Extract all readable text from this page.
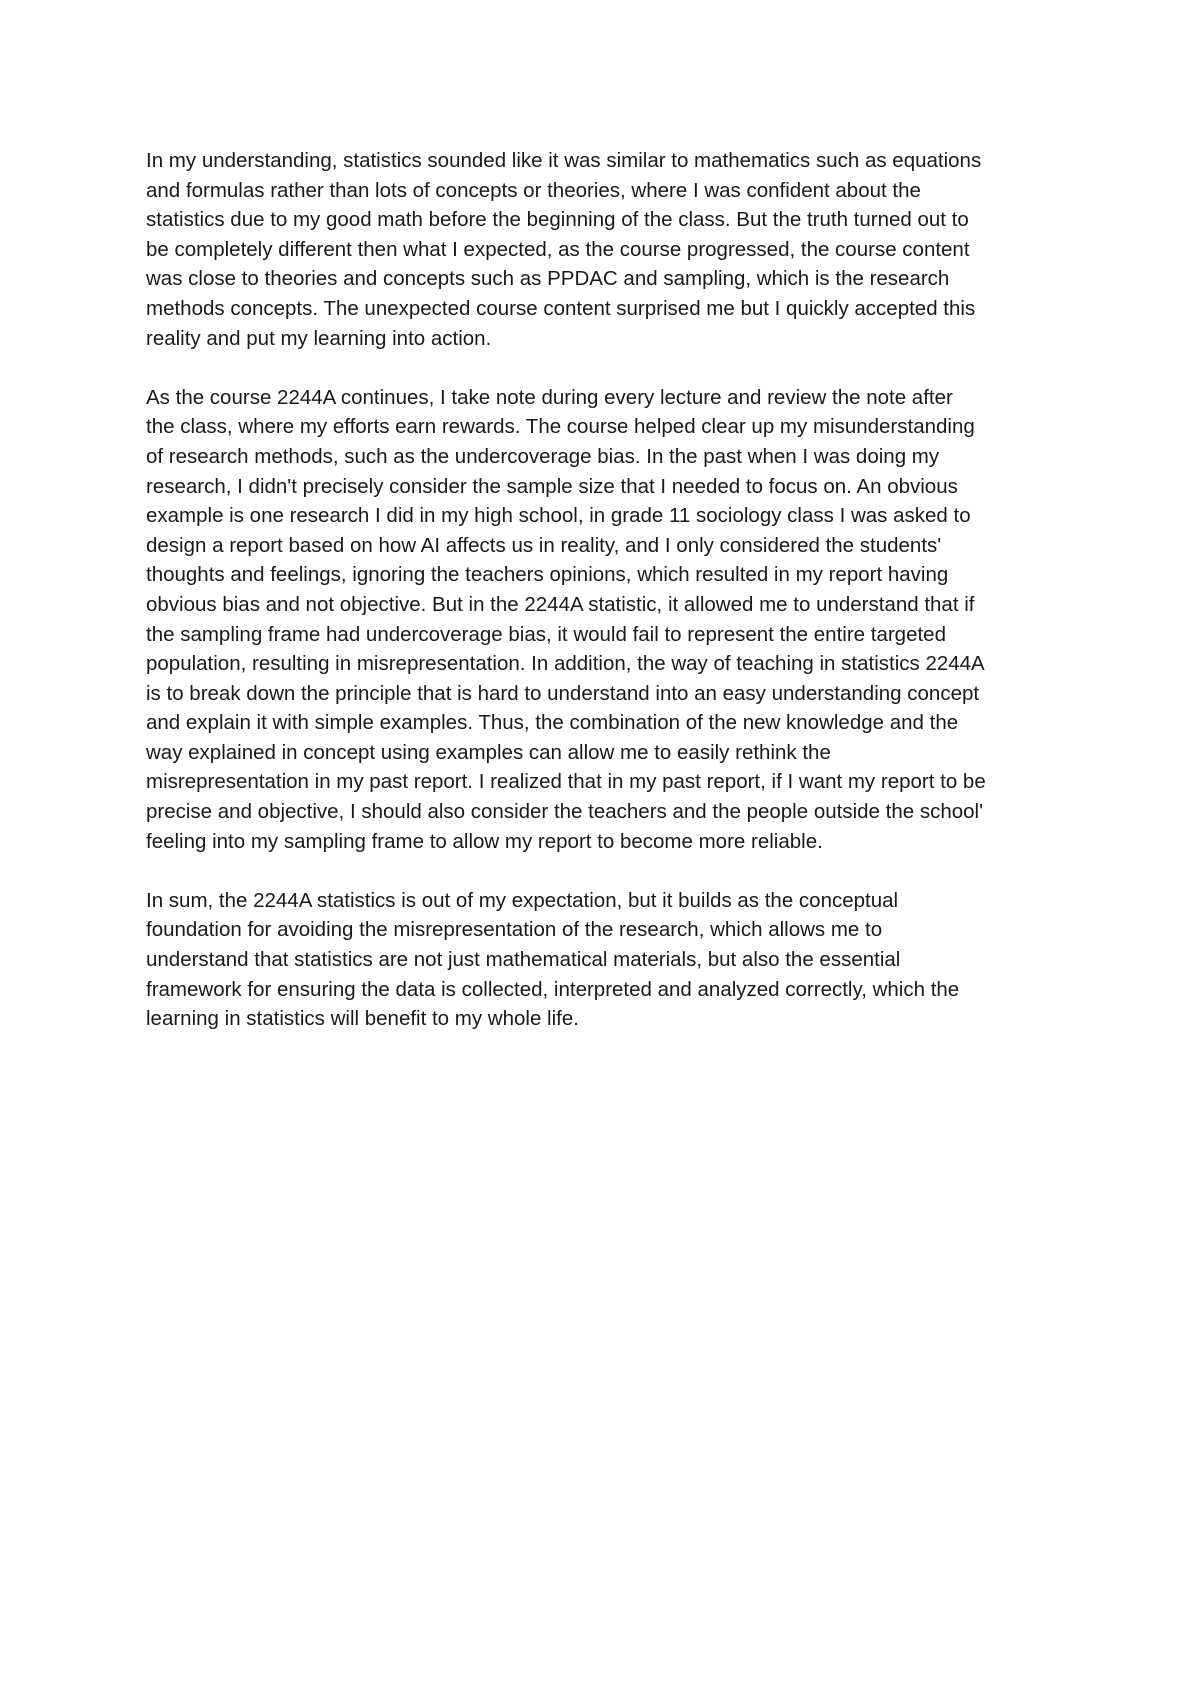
In my understanding, statistics sounded like it was similar to mathematics such as equations
and formulas rather than lots of concepts or theories, where I was confident about the
statistics due to my good math before the beginning of the class. But the truth turned out to
be completely different then what I expected, as the course progressed, the course content
was close to theories and concepts such as PPDAC and sampling, which is the research
methods concepts. The unexpected course content surprised me but I quickly accepted this
reality and put my learning into action.
As the course 2244A continues, I take note during every lecture and review the note after
the class, where my efforts earn rewards. The course helped clear up my misunderstanding
of research methods, such as the undercoverage bias. In the past when I was doing my
research, I didn't precisely consider the sample size that I needed to focus on. An obvious
example is one research I did in my high school, in grade 11 sociology class I was asked to
design a report based on how AI affects us in reality, and I only considered the students'
thoughts and feelings, ignoring the teachers opinions, which resulted in my report having
obvious bias and not objective. But in the 2244A statistic, it allowed me to understand that if
the sampling frame had undercoverage bias, it would fail to represent the entire targeted
population, resulting in misrepresentation. In addition, the way of teaching in statistics 2244A
is to break down the principle that is hard to understand into an easy understanding concept
and explain it with simple examples. Thus, the combination of the new knowledge and the
way explained in concept using examples can allow me to easily rethink the
misrepresentation in my past report. I realized that in my past report, if I want my report to be
precise and objective, I should also consider the teachers and the people outside the school'
feeling into my sampling frame to allow my report to become more reliable.
In sum, the 2244A statistics is out of my expectation, but it builds as the conceptual
foundation for avoiding the misrepresentation of the research, which allows me to
understand that statistics are not just mathematical materials, but also the essential
framework for ensuring the data is collected, interpreted and analyzed correctly, which the
learning in statistics will benefit to my whole life.
